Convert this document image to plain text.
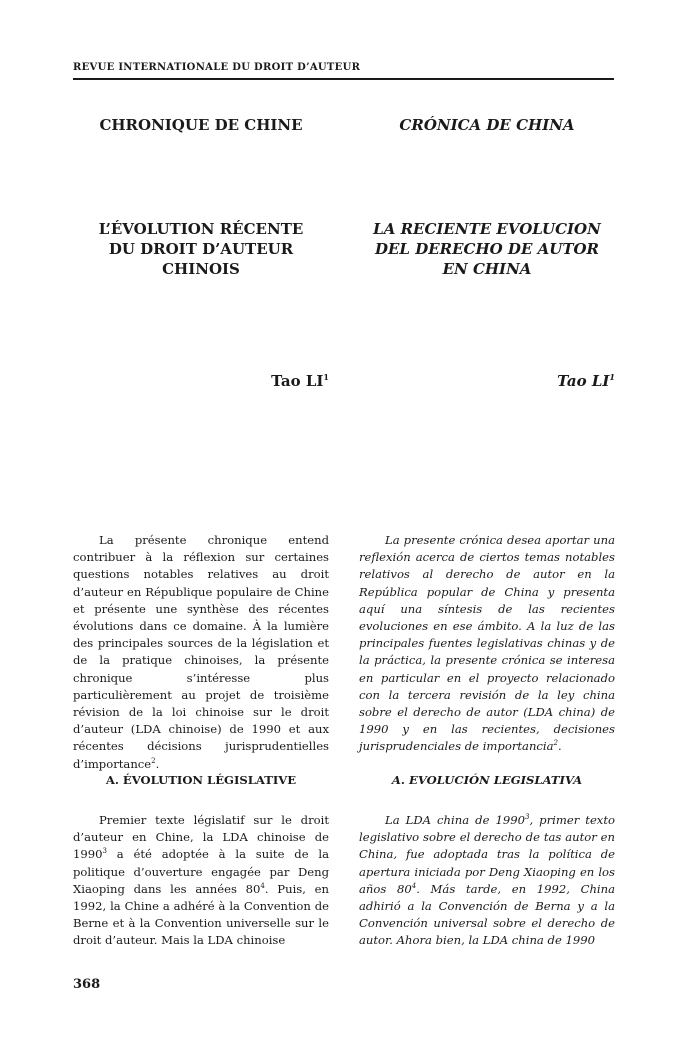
REVUE INTERNATIONALE DU DROIT D’AUTEUR
CHRONIQUE DE CHINE
L’ÉVOLUTION RÉCENTE
DU DROIT D’AUTEUR
CHINOIS
Tao $LI^1$
La présente chronique entend contribuer à la réflexion sur certaines questions notables relatives au droit d’auteur en République populaire de Chine et présente une synthèse des récentes évolutions dans ce domaine. À la lumière des principales sources de la législation et de la pratique chinoises, la présente chronique s’intéresse plus particulièrement au projet de troisième révision de la loi chinoise sur le droit d’auteur (LDA chinoise) de 1990 et aux récentes décisions jurisprudentielles d’importance$^2$.
A. ÉVOLUTION LÉGISLATIVE
Premier texte législatif sur le droit d’auteur en Chine, la LDA chinoise de 1990$^3$ a été adoptée à la suite de la politique d’ouverture engagée par Deng Xiaoping dans les années $80^4$. Puis, en 1992, la Chine a adhéré à la Convention de Berne et à la Convention universelle sur le droit d’auteur. Mais la LDA chinoise
CRÓNICA DE CHINA
LA RECIENTE EVOLUCION
DEL DERECHO DE AUTOR
EN CHINA
Tao $LI^1$
La presente crónica desea aportar una reflexión acerca de ciertos temas notables relativos al derecho de autor en la República popular de China y presenta aquí una síntesis de las recientes evoluciones en ese ámbito. A la luz de las principales fuentes legislativas chinas y de la práctica, la presente crónica se interesa en particular en el proyecto relacionado con la tercera revisión de la ley china sobre el derecho de autor (LDA china) de 1990 y en las recientes, decisiones jurisprudenciales de importancia$^2$.
A. EVOLUCIÓN LEGISLATIVA
La LDA china de 1990$^3$, primer texto legislativo sobre el derecho de tas autor en China, fue adoptada tras la política de apertura iniciada por Deng Xiaoping en los años $80^4$. Más tarde, en 1992, China adhirió a la Convención de Berna y a la Convención universal sobre el derecho de autor. Ahora bien, la LDA china de 1990
368
